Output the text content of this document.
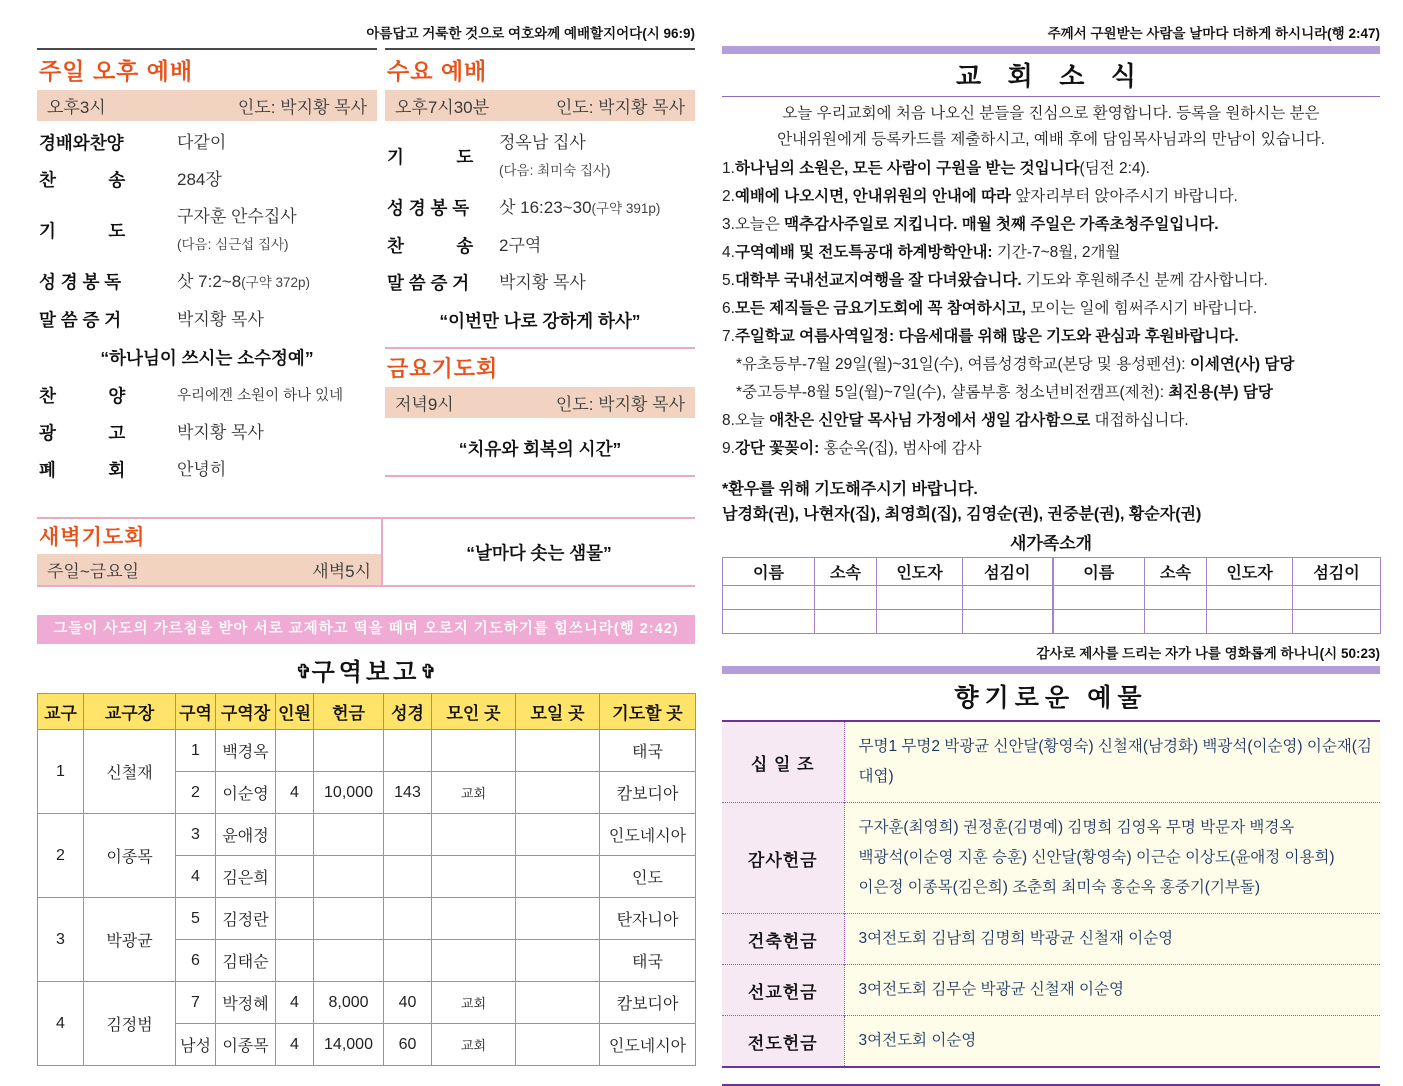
아름답고 거룩한 것으로 여호와께 예배할지어다(시 96:9)
주일 오후 예배
오후3시	인도: 박지황 목사
경배와찬양	다같이
찬　　　송	284장
기　　　도
구자훈 안수집사
(다음: 심근섭 집사)
성 경 봉 독	삿 7:2~8(구약 372p)
말 씀 증 거	박지황 목사
“하나님이 쓰시는 소수정예”
찬　　　양	우리에겐 소원이 하나 있네
광　　　고	박지황 목사
폐　　　회	안녕히
수요 예배
오후7시30분	인도: 박지황 목사
기　　　도
정옥남 집사
(다음: 최미숙 집사)
성 경 봉 독	삿 16:23~30(구약 391p)
찬　　　송	2구역
말 씀 증 거	박지황 목사
“이번만 나로 강하게 하사”
금요기도회
저녁9시	인도: 박지황 목사
“치유와 회복의 시간”
새벽기도회
주일~금요일	새벽5시
“날마다 솟는 샘물”
그들이 사도의 가르침을 받아 서로 교제하고 떡을 떼며 오로지 기도하기를 힘쓰니라(행 2:42)
✞구역보고✞
교구	교구장	구역	구역장	인원	헌금	성경	모인 곳	모일 곳	기도할 곳
1	신철재	1	백경옥						태국
		2	이순영	4	10,000	143	교회		캄보디아
2	이종목	3	윤애정						인도네시아
		4	김은희						인도
3	박광균	5	김정란						탄자니아
		6	김태순						태국
4	김정범	7	박정혜	4	8,000	40	교회		캄보디아
		남성	이종목	4	14,000	60	교회		인도네시아
주께서 구원받는 사람을 날마다 더하게 하시니라(행 2:47)
교 회 소 식
오늘 우리교회에 처음 나오신 분들을 진심으로 환영합니다. 등록을 원하시는 분은
안내위원에게 등록카드를 제출하시고, 예배 후에 담임목사님과의 만남이 있습니다.
1.하나님의 소원은, 모든 사람이 구원을 받는 것입니다(딤전 2:4).
2.예배에 나오시면, 안내위원의 안내에 따라 앞자리부터 앉아주시기 바랍니다.
3.오늘은 맥추감사주일로 지킵니다. 매월 첫째 주일은 가족초청주일입니다.
4.구역예배 및 전도특공대 하계방학안내: 기간-7~8월, 2개월
5.대학부 국내선교지여행을 잘 다녀왔습니다. 기도와 후원해주신 분께 감사합니다.
6.모든 제직들은 금요기도회에 꼭 참여하시고, 모이는 일에 힘써주시기 바랍니다.
7.주일학교 여름사역일정: 다음세대를 위해 많은 기도와 관심과 후원바랍니다.
*유초등부-7월 29일(월)~31일(수), 여름성경학교(본당 및 용성펜션): 이세연(사) 담당
*중고등부-8월 5일(월)~7일(수), 샬롬부흥 청소년비전캠프(제천): 최진용(부) 담당
8.오늘 애찬은 신안달 목사님 가정에서 생일 감사함으로 대접하십니다.
9.강단 꽃꽂이: 홍순옥(집), 범사에 감사
*환우를 위해 기도해주시기 바랍니다.
남경화(권), 나현자(집), 최영희(집), 김영순(권), 권중분(권), 황순자(권)
새가족소개
이름	소속	인도자	섬김이	이름	소속	인도자	섬김이

감사로 제사를 드리는 자가 나를 영화롭게 하나니(시 50:23)
향기로운 예물
십 일 조	무명1 무명2 박광균 신안달(황영숙) 신철재(남경화) 백광석(이순영) 이순재(김대엽)

감사헌금	구자훈(최영희) 권정훈(김명예) 김명희 김영옥 무명 박문자 백경옥
백광석(이순영 지훈 승훈) 신안달(황영숙) 이근순 이상도(윤애정 이용희)
이은정 이종목(김은희) 조춘희 최미숙 홍순옥 홍중기(기부돌)

건축헌금	3여전도회 김남희 김명희 박광균 신철재 이순영

선교헌금	3여전도회 김무순 박광균 신철재 이순영

전도헌금	3여전도회 이순영
